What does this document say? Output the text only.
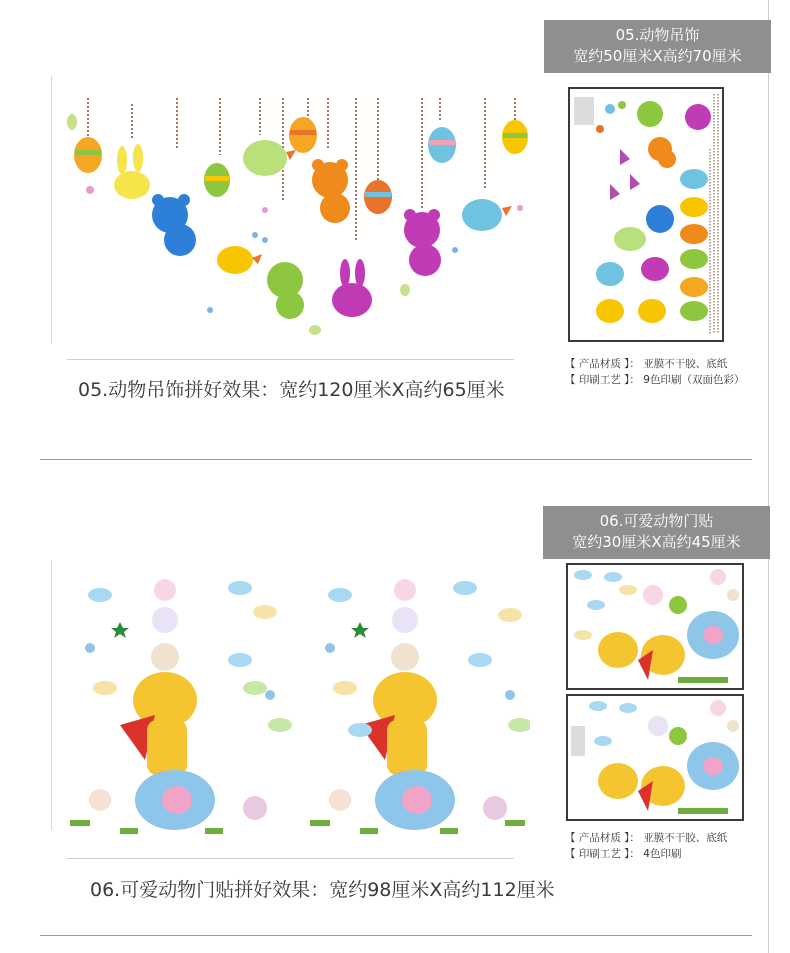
05.动物吊饰
宽约50厘米X高约70厘米
05.动物吊饰拼好效果：宽约120厘米X高约65厘米
【 产品材质 】： 亚膜不干胶、底纸
【 印刷工艺 】： 9色印刷（双面色彩）
06.可爱动物门贴
宽约30厘米X高约45厘米
06.可爱动物门贴拼好效果：宽约98厘米X高约112厘米
【 产品材质 】： 亚膜不干胶、底纸
【 印刷工艺 】： 4色印刷
